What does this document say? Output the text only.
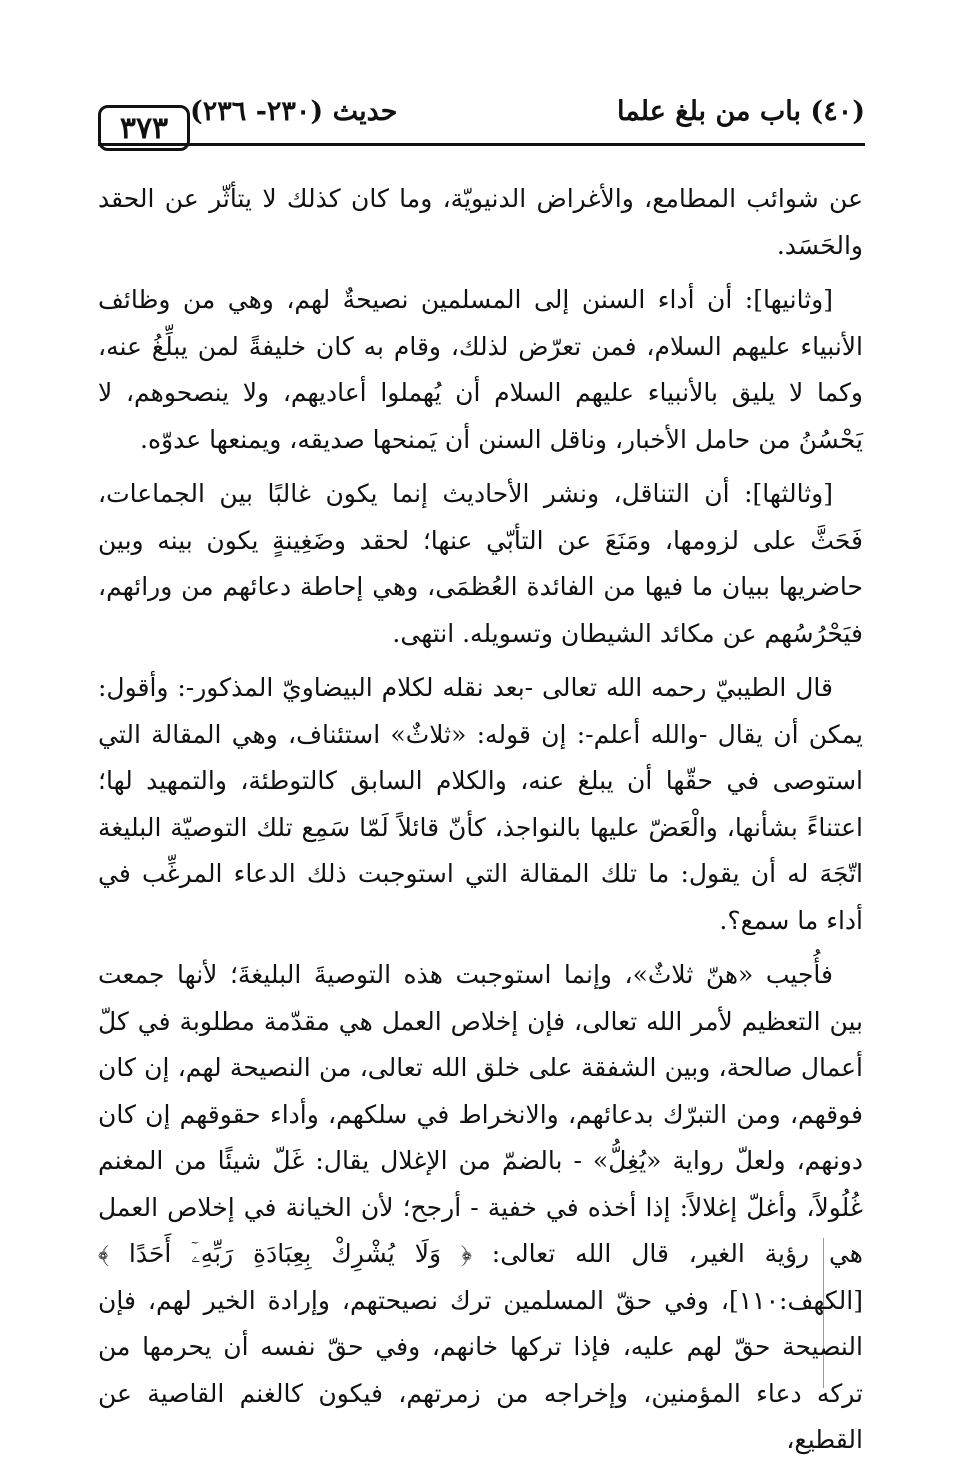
٣٧٣	(٤٠) باب من بلغ علما
حديث (٢٣٠- ٢٣٦)

عن شوائب المطامع، والأغراض الدنيويّة، وما كان كذلك لا يتأثّر عن الحقد والحَسَد.

[وثانيها]: أن أداء السنن إلى المسلمين نصيحةٌ لهم، وهي من وظائف الأنبياء عليهم السلام، فمن تعرّض لذلك، وقام به كان خليفةً لمن يبلِّغُ عنه، وكما لا يليق بالأنبياء عليهم السلام أن يُهملوا أعاديهم، ولا ينصحوهم، لا يَحْسُنُ من حامل الأخبار، وناقل السنن أن يَمنحها صديقه، ويمنعها عدوّه.

[وثالثها]: أن التناقل، ونشر الأحاديث إنما يكون غالبًا بين الجماعات، فَحَثَّ على لزومها، ومَنَعَ عن التأبّي عنها؛ لحقد وضَغِينةٍ يكون بينه وبين حاضريها ببيان ما فيها من الفائدة العُظمَى، وهي إحاطة دعائهم من ورائهم، فيَحْرُسُهم عن مكائد الشيطان وتسويله. انتهى.

قال الطيبيّ رحمه الله تعالى -بعد نقله لكلام البيضاويّ المذكور-: وأقول: يمكن أن يقال -والله أعلم-: إن قوله: «ثلاثٌ» استئناف، وهي المقالة التي استوصى في حقّها أن يبلغ عنه، والكلام السابق كالتوطئة، والتمهيد لها؛ اعتناءً بشأنها، والْعَضّ عليها بالنواجذ، كأنّ قائلاً لَمّا سَمِع تلك التوصيّة البليغة اتّجَهَ له أن يقول: ما تلك المقالة التي استوجبت ذلك الدعاء المرغِّب في أداء ما سمع؟.

فأُجيب «هنّ ثلاثٌ»، وإنما استوجبت هذه التوصيةَ البليغةَ؛ لأنها جمعت بين التعظيم لأمر الله تعالى، فإن إخلاص العمل هي مقدّمة مطلوبة في كلّ أعمال صالحة، وبين الشفقة على خلق الله تعالى، من النصيحة لهم، إن كان فوقهم، ومن التبرّك بدعائهم، والانخراط في سلكهم، وأداء حقوقهم إن كان دونهم، ولعلّ رواية «يُغِلُّ» - بالضمّ من الإغلال يقال: غَلّ شيئًا من المغنم غُلُولاً، وأغلّ إغلالاً: إذا أخذه في خفية - أرجح؛ لأن الخيانة في إخلاص العمل هي رؤية الغير، قال الله تعالى: ﴿ وَلَا يُشْرِكْ بِعِبَادَةِ رَبِّهِۦٓ أَحَدًا ﴾ [الكهف:١١٠]، وفي حقّ المسلمين ترك نصيحتهم، وإرادة الخير لهم، فإن النصيحة حقّ لهم عليه، فإذا تركها خانهم، وفي حقّ نفسه أن يحرمها من تركه دعاء المؤمنين، وإخراجه من زمرتهم، فيكون كالغنم القاصية عن القطيع،
